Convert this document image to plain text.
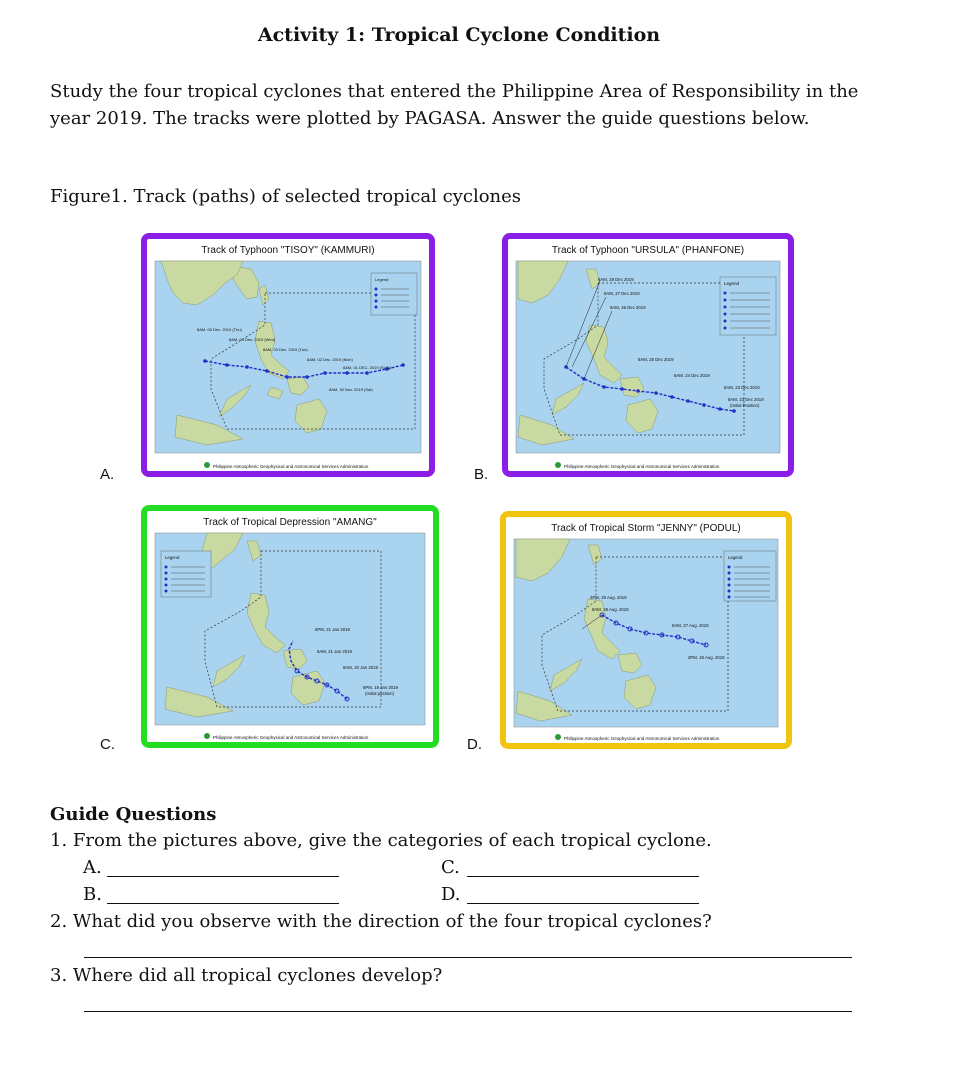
Activity 1: Tropical Cyclone Condition
Study the four tropical cyclones that entered the Philippine Area of Responsibility in the year 2019. The tracks were plotted by PAGASA. Answer the guide questions below.
Figure1. Track (paths) of selected tropical cyclones
A.
Track of Typhoon "TISOY" (KAMMURI)
Legend
8AM, 05 Dec. 2019 (Thu)
8AM, 04 Dec. 2019 (Wed)
8AM, 03 Dec. 2019 (Tue)
8AM, 02 Dec. 2019 (Mon)
8AM, 01 DEC. 2019 (SUN)
8AM, 30 Nov. 2019 (Sat)
Philippine Atmospheric Geophysical and Astronomical Services Administration	B.
Track of Typhoon "URSULA" (PHANFONE)
Legend
8AM, 28 Dec 2019
8AM, 27 Dec 2019
8AM, 26 Dec 2019
8AM, 25 Dec 2019
8AM, 24 Dec 2019
8AM, 23 Dec 2019
8AM, 23 Dec 2019
(Initial Position)
Philippine Atmospheric Geophysical and Astronomical Services Administration
C.
Track of Tropical Depression "AMANG"
Legend
5PM, 21 Jan 2019
8AM, 21 Jan 2019
8AM, 20 Jan 2019
8PM, 19 Jan 2019
(Initial position)
Philippine Atmospheric Geophysical and Astronomical Services Administration	D.
Track of Tropical Storm "JENNY" (PODUL)
Legend
2PM, 28 Aug. 2019
8AM, 28 Aug. 2019
8AM, 27 Aug. 2019
2PM, 26 Aug. 2019
Philippine Atmospheric Geophysical and Astronomical Services Administration
Guide Questions
1. From the pictures above, give the categories of each tropical cyclone.
A.	C.
B.	D.
2. What did you observe with the direction of the four tropical cyclones?
3. Where did all tropical cyclones develop?
